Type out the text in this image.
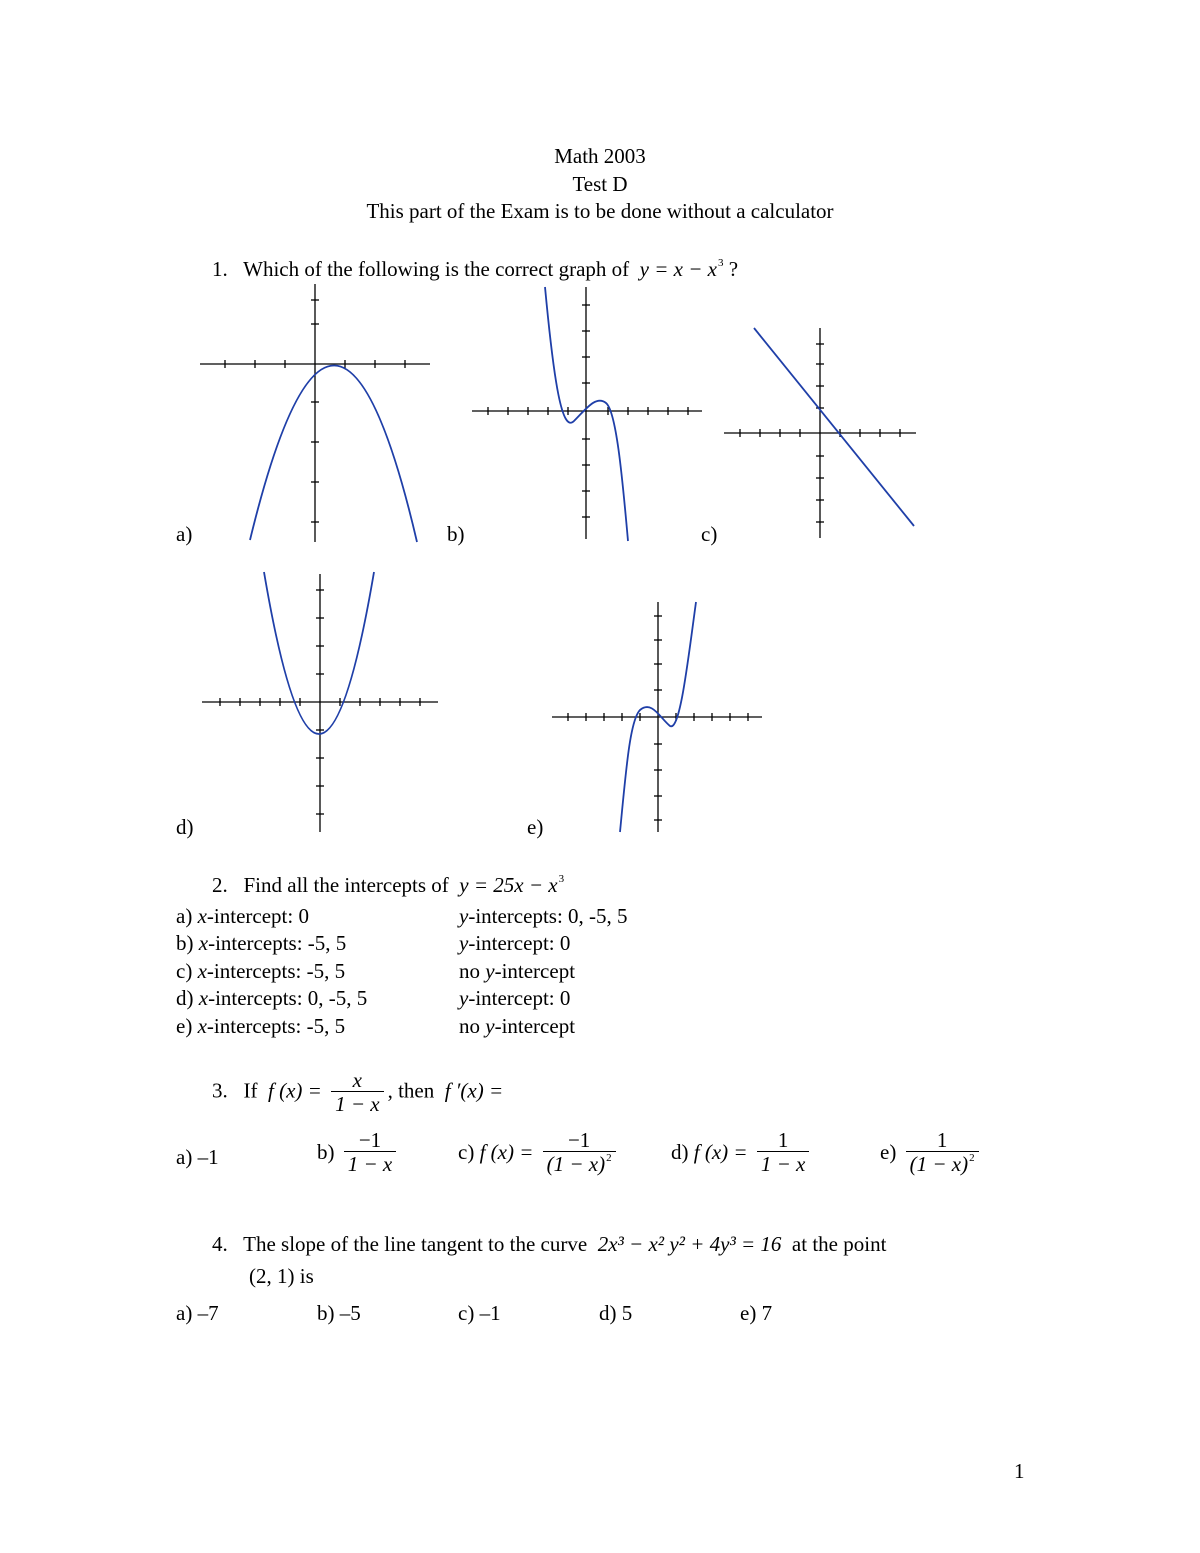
Math 2003
Test D
This part of the Exam is to be done without a calculator
1. Which of the following is the correct graph of $y = x - x^3$ ?
a)	b)	c)
d)	e)
2. Find all the intercepts of $y = 25x - x^3$
a) x-intercept: 0	y-intercepts: 0, -5, 5
b) x-intercepts: -5, 5	y-intercept: 0
c) x-intercepts: -5, 5	no y-intercept
d) x-intercepts: 0, -5, 5	y-intercept: 0
e) x-intercepts: -5, 5	no y-intercept
3. If f $(x) = \frac{x}{1 - x}$ , then f ′(x) =
a) –1	$b) \frac{-1}{1 - x}$	c) f $(x) = \frac{-1}{(1 - x)^2}$	d) f $(x) = \frac{1}{1 - x}$	$e) \frac{1}{(1 - x)^2}$
4. The slope of the line tangent to the curve 2x³ − x² y² + 4y³ = 16 at the point
(2, 1) is
a) –7	b) –5	c) –1	d) 5	e) 7
1
